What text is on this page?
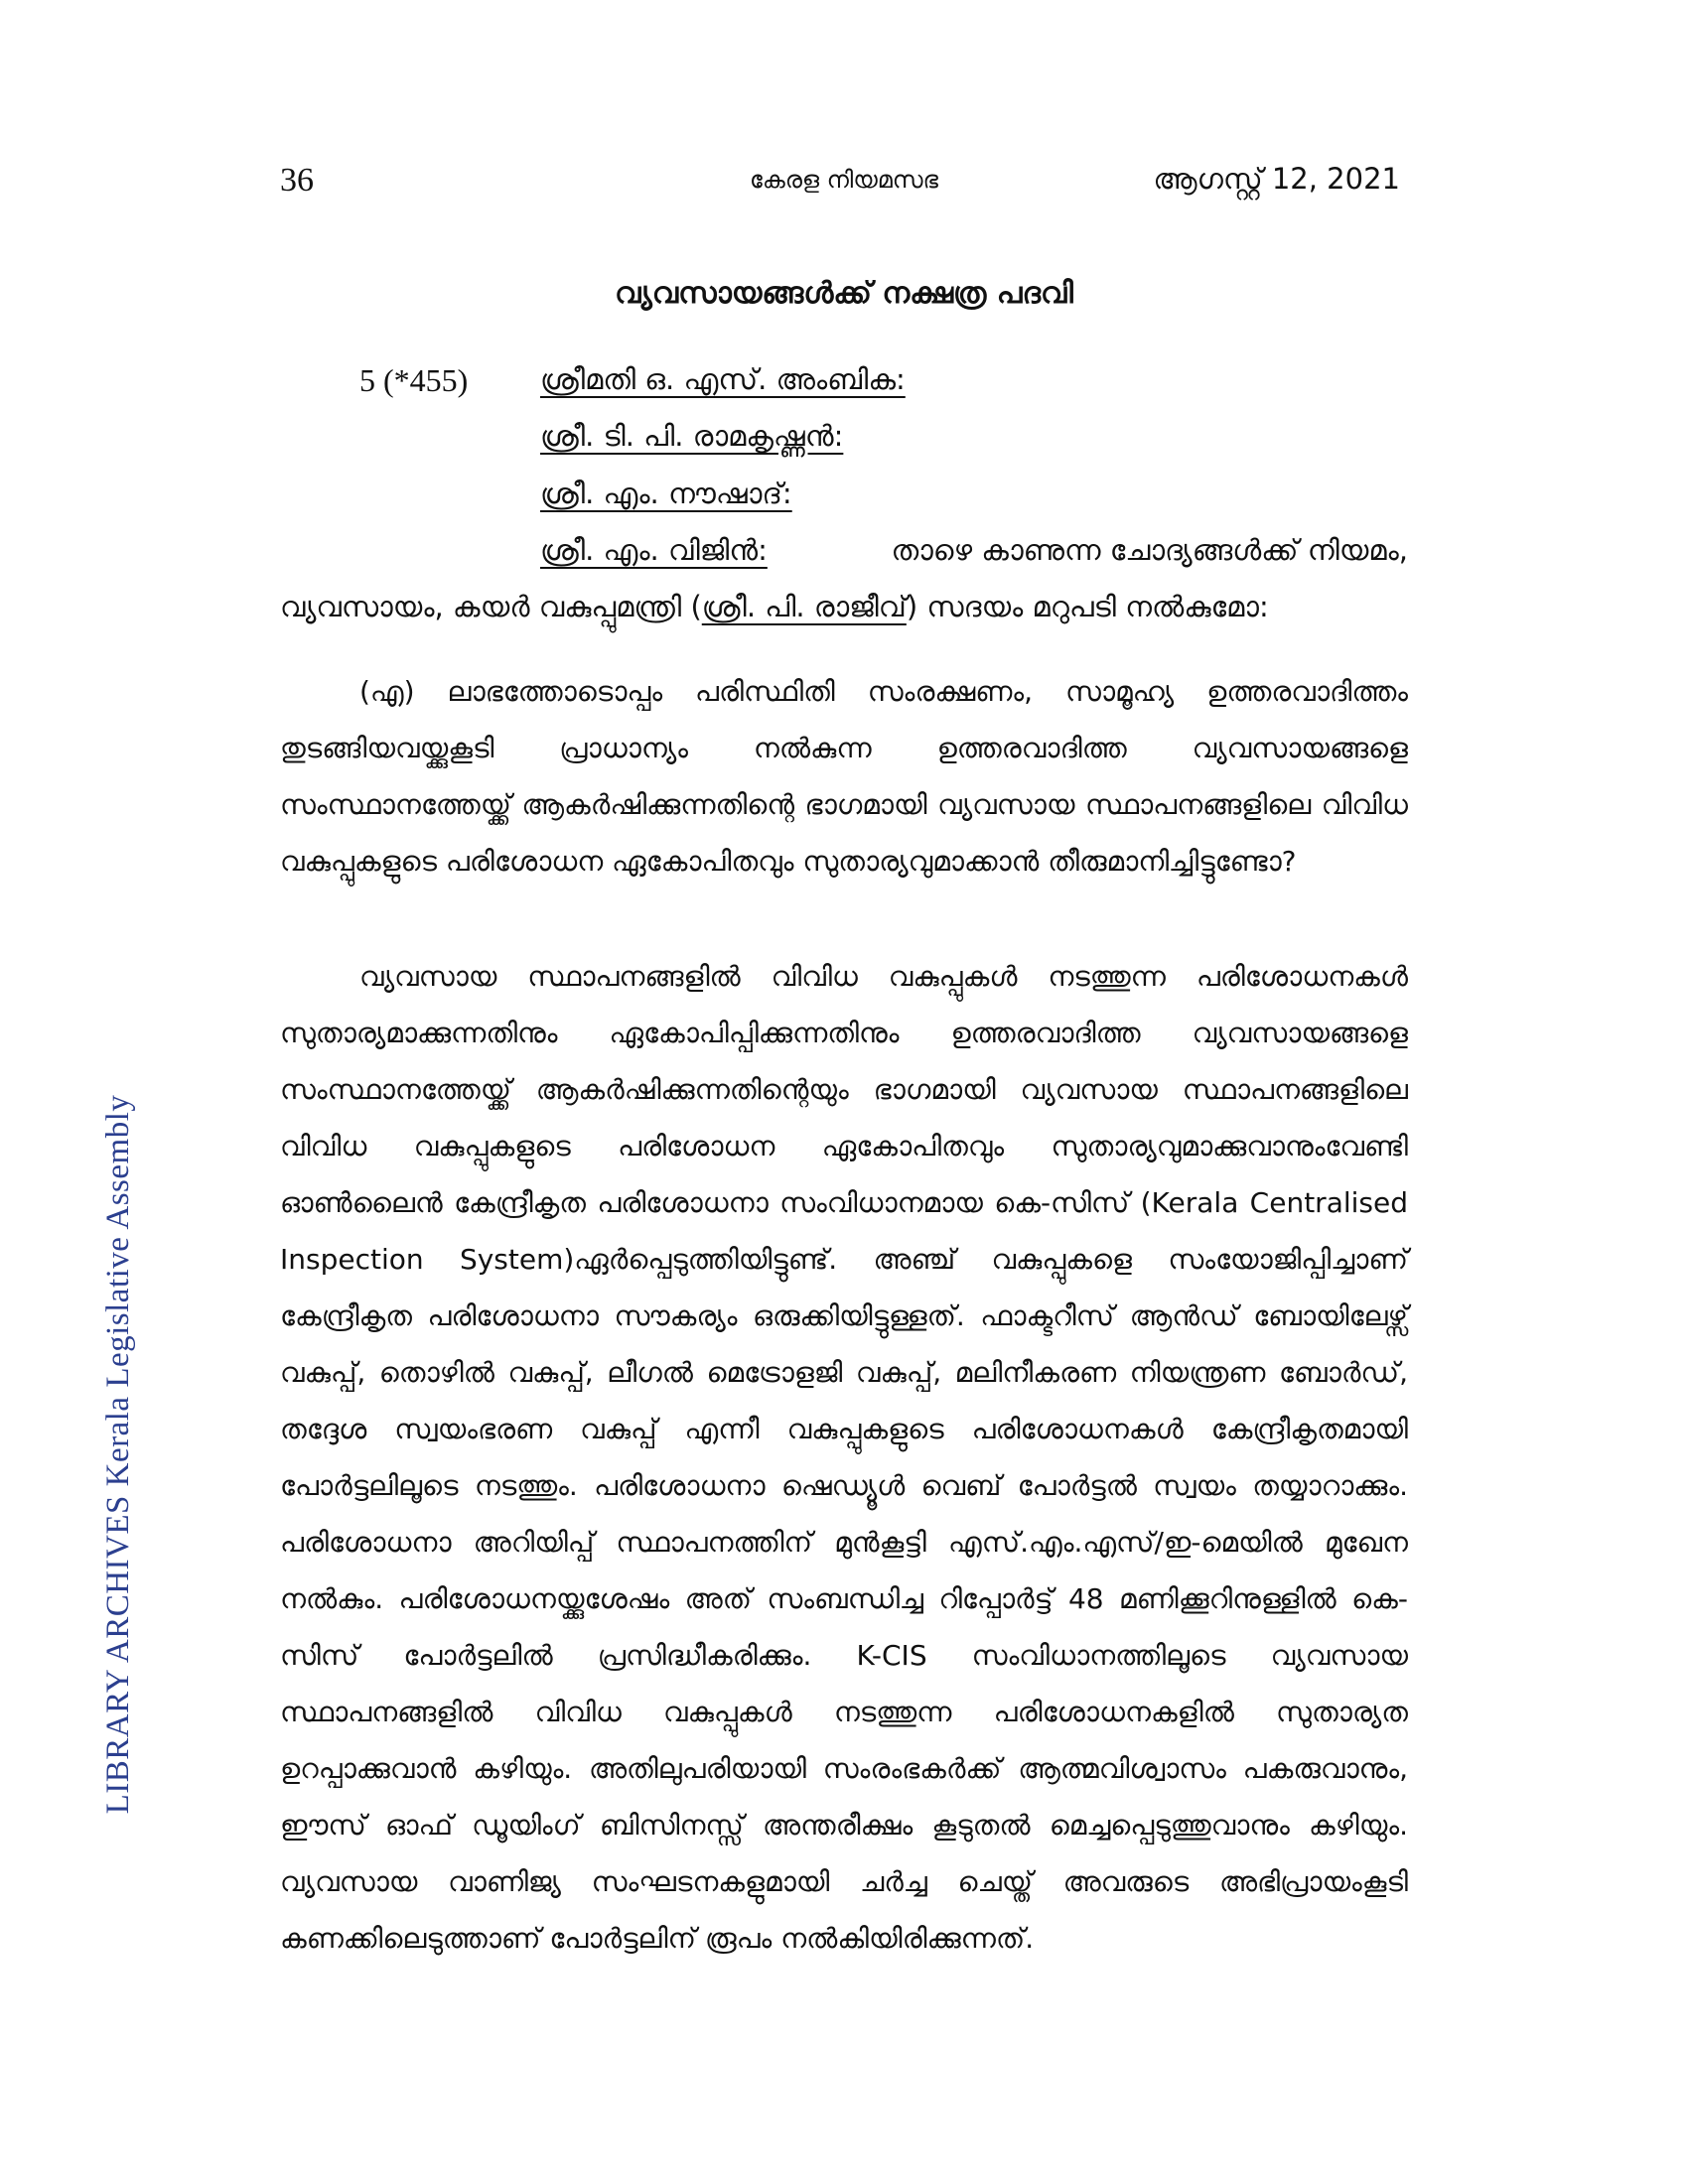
36	കേരള നിയമസഭ	ആഗസ്റ്റ് 12, 2021
വ്യവസായങ്ങൾക്ക് നക്ഷത്ര പദവി
5 (*455)	ശ്രീമതി ഒ. എസ്. അംബിക:
ശ്രീ. ടി. പി. രാമകൃഷ്ണൻ:
ശ്രീ. എം. നൗഷാദ്:
ശ്രീ. എം. വിജിൻ:	താഴെ കാണുന്ന ചോദ്യങ്ങൾക്ക് നിയമം,
വ്യവസായം, കയർ വകുപ്പുമന്ത്രി (ശ്രീ. പി. രാജീവ്) സദയം മറുപടി നൽകുമോ:

(എ) ലാഭത്തോടൊപ്പം പരിസ്ഥിതി സംരക്ഷണം, സാമൂഹ്യ ഉത്തരവാദിത്തം തുടങ്ങിയവയ്ക്കുകൂടി പ്രാധാന്യം നൽകുന്ന ഉത്തരവാദിത്ത വ്യവസായങ്ങളെ സംസ്ഥാനത്തേയ്ക്ക് ആകർഷിക്കുന്നതിന്റെ ഭാഗമായി വ്യവസായ സ്ഥാപനങ്ങളിലെ വിവിധ വകുപ്പുകളുടെ പരിശോധന ഏകോപിതവും സുതാര്യവുമാക്കാൻ തീരുമാനിച്ചിട്ടുണ്ടോ?

വ്യവസായ സ്ഥാപനങ്ങളിൽ വിവിധ വകുപ്പുകൾ നടത്തുന്ന പരിശോധനകൾ സുതാര്യമാക്കുന്നതിനും ഏകോപിപ്പിക്കുന്നതിനും ഉത്തരവാദിത്ത വ്യവസായങ്ങളെ സംസ്ഥാനത്തേയ്ക്ക് ആകർഷിക്കുന്നതിന്റെയും ഭാഗമായി വ്യവസായ സ്ഥാപനങ്ങളിലെ വിവിധ വകുപ്പുകളുടെ പരിശോധന ഏകോപിതവും സുതാര്യവുമാക്കുവാനുംവേണ്ടി ഓൺലൈൻ കേന്ദ്രീകൃത പരിശോധനാ സംവിധാനമായ കെ-സിസ് (Kerala Centralised Inspection System)ഏർപ്പെടുത്തിയിട്ടുണ്ട്. അഞ്ച് വകുപ്പുകളെ സംയോജിപ്പിച്ചാണ് കേന്ദ്രീകൃത പരിശോധനാ സൗകര്യം ഒരുക്കിയിട്ടുള്ളത്. ഫാക്ടറീസ് ആൻഡ് ബോയിലേഴ്സ് വകുപ്പ്, തൊഴിൽ വകുപ്പ്, ലീഗൽ മെട്രോളജി വകുപ്പ്, മലിനീകരണ നിയന്ത്രണ ബോർഡ്, തദ്ദേശ സ്വയംഭരണ വകുപ്പ് എന്നീ വകുപ്പുകളുടെ പരിശോധനകൾ കേന്ദ്രീകൃതമായി പോർട്ടലിലൂടെ നടത്തും. പരിശോധനാ ഷെഡ്യൂൾ വെബ് പോർട്ടൽ സ്വയം തയ്യാറാക്കും. പരിശോധനാ അറിയിപ്പ് സ്ഥാപനത്തിന് മുൻകൂട്ടി എസ്.എം.എസ്/ഇ-മെയിൽ മുഖേന നൽകും. പരിശോധനയ്ക്കുശേഷം അത് സംബന്ധിച്ച റിപ്പോർട്ട് 48 മണിക്കൂറിനുള്ളിൽ കെ-സിസ് പോർട്ടലിൽ പ്രസിദ്ധീകരിക്കും. K-CIS സംവിധാനത്തിലൂടെ വ്യവസായ സ്ഥാപനങ്ങളിൽ വിവിധ വകുപ്പുകൾ നടത്തുന്ന പരിശോധനകളിൽ സുതാര്യത ഉറപ്പാക്കുവാൻ കഴിയും. അതിലുപരിയായി സംരംഭകർക്ക് ആത്മവിശ്വാസം പകരുവാനും, ഈസ് ഓഫ് ഡൂയിംഗ് ബിസിനസ്സ് അന്തരീക്ഷം കൂടുതൽ മെച്ചപ്പെടുത്തുവാനും കഴിയും. വ്യവസായ വാണിജ്യ സംഘടനകളുമായി ചർച്ച ചെയ്ത് അവരുടെ അഭിപ്രായംകൂടി കണക്കിലെടുത്താണ് പോർട്ടലിന് രൂപം നൽകിയിരിക്കുന്നത്.

LIBRARY ARCHIVES Kerala Legislative Assembly
